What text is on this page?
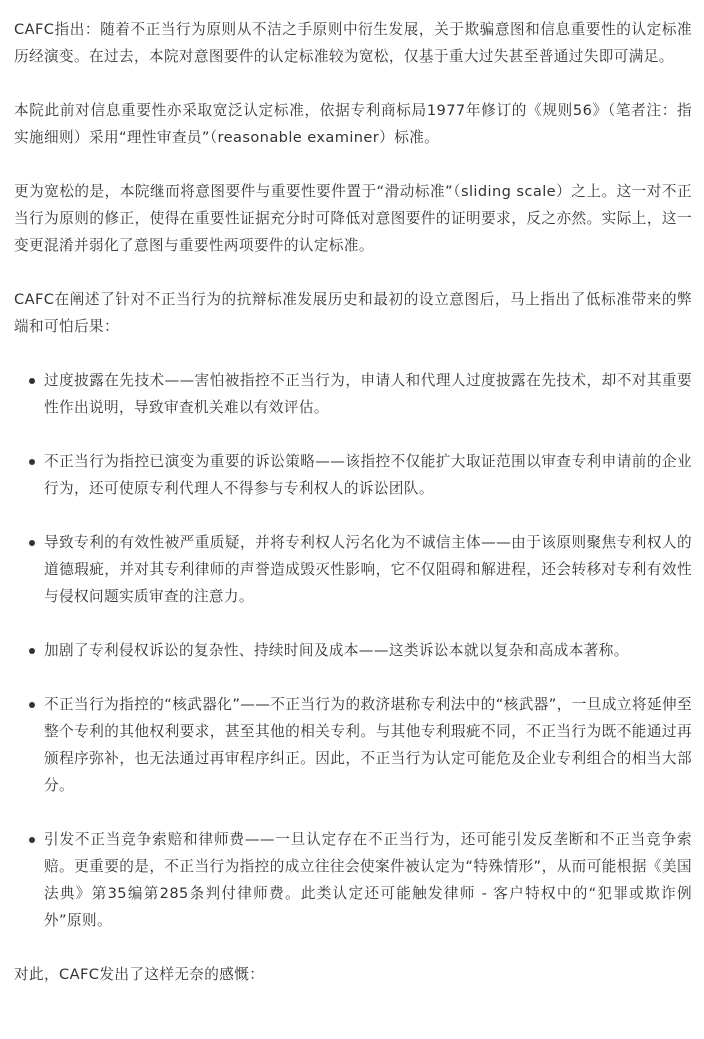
CAFC指出：随着不正当行为原则从不洁之手原则中衍生发展，关于欺骗意图和信息重要性的认定标准历经演变。在过去，本院对意图要件的认定标准较为宽松，仅基于重大过失甚至普通过失即可满足。

本院此前对信息重要性亦采取宽泛认定标准，依据专利商标局1977年修订的《规则56》（笔者注：指实施细则）采用“理性审查员”（reasonable examiner）标准。

更为宽松的是，本院继而将意图要件与重要性要件置于“滑动标准”（sliding scale）之上。这一对不正当行为原则的修正，使得在重要性证据充分时可降低对意图要件的证明要求，反之亦然。实际上，这一变更混淆并弱化了意图与重要性两项要件的认定标准。

CAFC在阐述了针对不正当行为的抗辩标准发展历史和最初的设立意图后，马上指出了低标准带来的弊端和可怕后果：

过度披露在先技术——害怕被指控不正当行为，申请人和代理人过度披露在先技术，却不对其重要性作出说明，导致审查机关难以有效评估。

不正当行为指控已演变为重要的诉讼策略——该指控不仅能扩大取证范围以审查专利申请前的企业行为，还可使原专利代理人不得参与专利权人的诉讼团队。

导致专利的有效性被严重质疑，并将专利权人污名化为不诚信主体——由于该原则聚焦专利权人的道德瑕疵，并对其专利律师的声誉造成毁灭性影响，它不仅阻碍和解进程，还会转移对专利有效性与侵权问题实质审查的注意力。

加剧了专利侵权诉讼的复杂性、持续时间及成本——这类诉讼本就以复杂和高成本著称。

不正当行为指控的“核武器化”——不正当行为的救济堪称专利法中的“核武器”，一旦成立将延伸至整个专利的其他权利要求，甚至其他的相关专利。与其他专利瑕疵不同，不正当行为既不能通过再颁程序弥补，也无法通过再审程序纠正。因此，不正当行为认定可能危及企业专利组合的相当大部分。

引发不正当竞争索赔和律师费——一旦认定存在不正当行为，还可能引发反垄断和不正当竞争索赔。更重要的是，不正当行为指控的成立往往会使案件被认定为“特殊情形”，从而可能根据《美国法典》第35编第285条判付律师费。此类认定还可能触发律师 - 客户特权中的“犯罪或欺诈例外”原则。

对此，CAFC发出了这样无奈的感慨：
